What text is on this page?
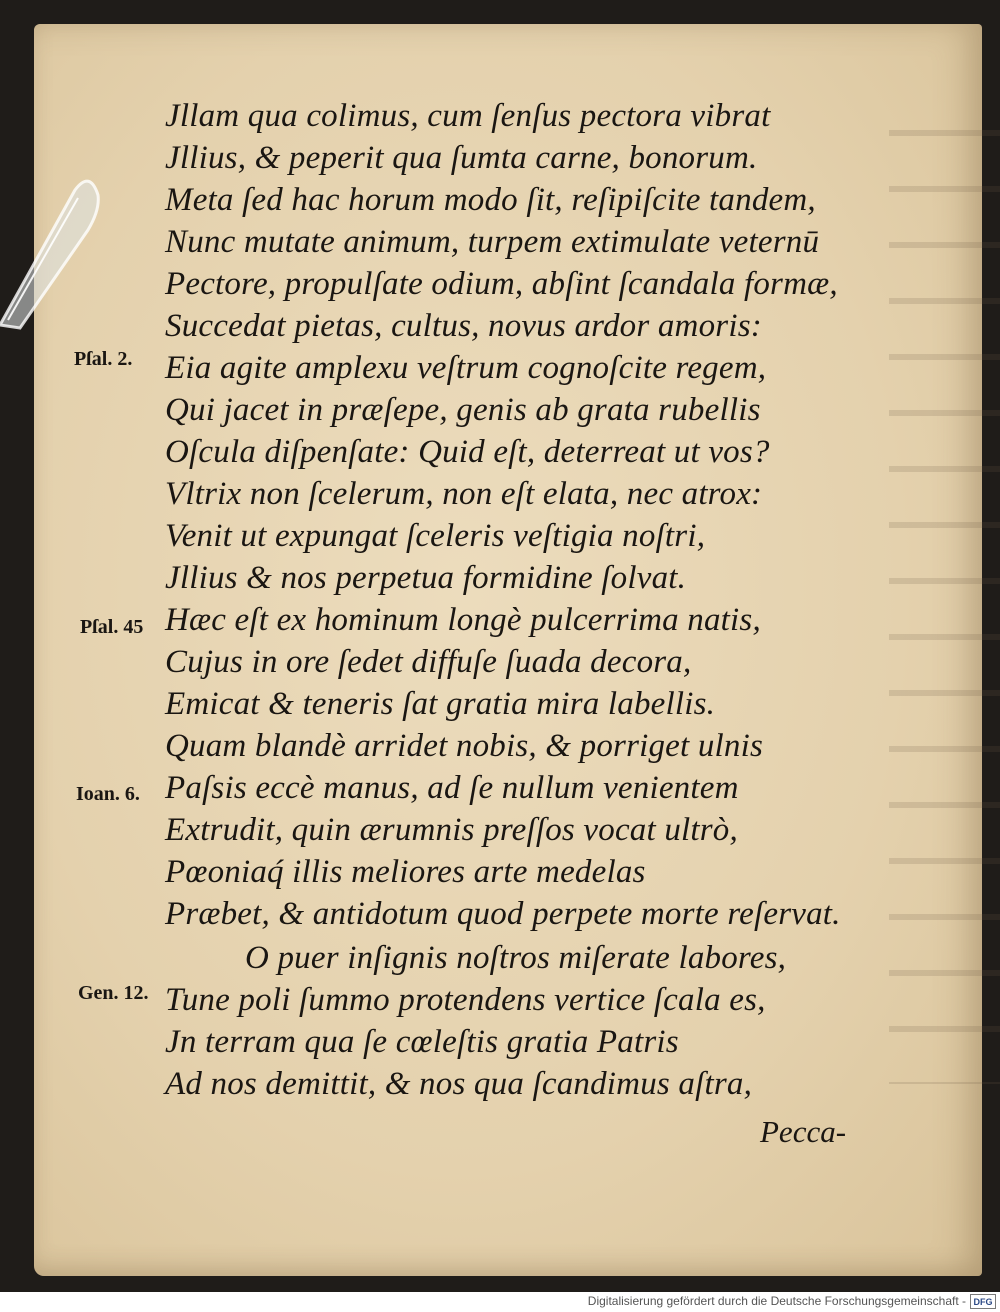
Jllam qua colimus, cum ſenſus pectora vibrat

Jllius, & peperit qua ſumta carne, bonorum.

Meta ſed hac horum modo ſit, reſipiſcite tandem,

Nunc mutate animum, turpem extimulate veternū

Pectore, propulſate odium, abſint ſcandala formæ,

Succedat pietas, cultus, novus ardor amoris:

Eia agite amplexu veſtrum cognoſcite regem,

Qui jacet in præſepe, genis ab grata rubellis

Oſcula diſpenſate: Quid eſt, deterreat ut vos?

Vltrix non ſcelerum, non eſt elata, nec atrox:

Venit ut expungat ſceleris veſtigia noſtri,

Jllius & nos perpetua formidine ſolvat.

Hæc eſt ex hominum longè pulcerrima natis,

Cujus in ore ſedet diffuſe ſuada decora,

Emicat & teneris ſat gratia mira labellis.

Quam blandè arridet nobis, & porriget ulnis

Paſsis eccè manus, ad ſe nullum venientem

Extrudit, quin ærumnis preſſos vocat ultrò,

Pœoniaq́ illis meliores arte medelas

Præbet, & antidotum quod perpete morte reſervat.

O puer inſignis noſtros miſerate labores,

Tune poli ſummo protendens vertice ſcala es,

Jn terram qua ſe cœleſtis gratia Patris

Ad nos demittit, & nos qua ſcandimus aſtra,

Pſal. 2.

Pſal. 45

Ioan. 6.

Gen. 12.

Pecca-

Digitalisierung gefördert durch die Deutsche Forschungsgemeinschaft - DFG
